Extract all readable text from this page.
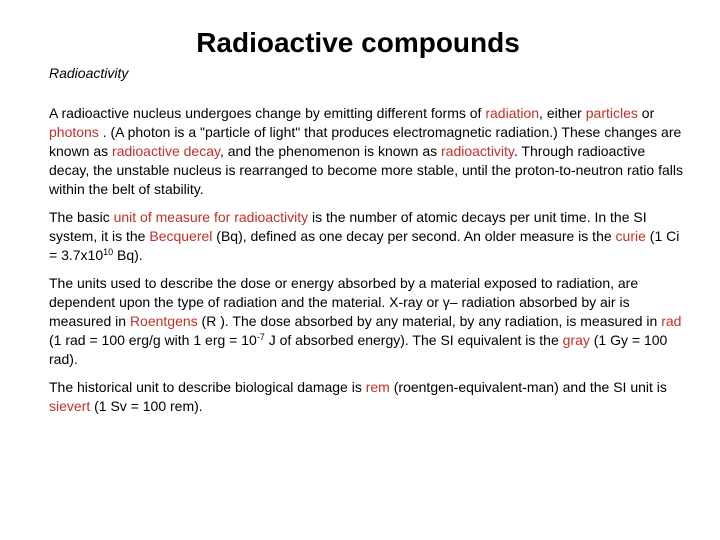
Radioactive compounds
Radioactivity

A radioactive nucleus undergoes change by emitting different forms of radiation, either particles or photons . (A photon is a "particle of light" that produces electromagnetic radiation.) These changes are known as radioactive decay, and the phenomenon is known as radioactivity. Through radioactive decay, the unstable nucleus is rearranged to become more stable, until the proton-to-neutron ratio falls within the belt of stability.

The basic unit of measure for radioactivity is the number of atomic decays per unit time. In the SI system, it is the Becquerel (Bq), defined as one decay per second. An older measure is the curie (1 $Ci = 3.7x10^{10}$ Bq).

The units used to describe the dose or energy absorbed by a material exposed to radiation, are dependent upon the type of radiation and the material. X-ray or γ– radiation absorbed by air is measured in Roentgens (R ). The dose absorbed by any material, by any radiation, is measured in rad (1 rad = 100 erg/g with 1 erg = $10^{-7}$ J of absorbed energy). The SI equivalent is the gray (1 Gy = 100 rad).

The historical unit to describe biological damage is rem (roentgen-equivalent-man) and the SI unit is sievert (1 Sv = 100 rem).
